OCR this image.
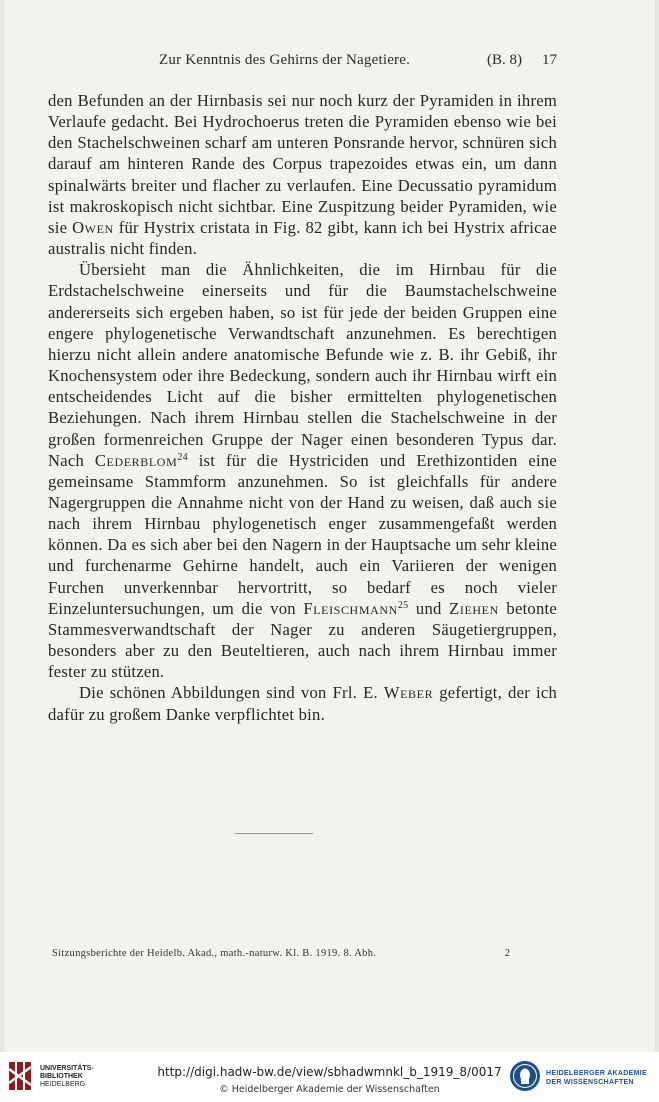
Zur Kenntnis des Gehirns der Nagetiere.	(B. 8) 17

den Befunden an der Hirnbasis sei nur noch kurz der Pyramiden in ihrem Verlaufe gedacht. Bei Hydrochoerus treten die Pyramiden ebenso wie bei den Stachelschweinen scharf am unteren Ponsrande hervor, schnüren sich darauf am hinteren Rande des Corpus trapezoides etwas ein, um dann spinalwärts breiter und flacher zu verlaufen. Eine Decussatio pyramidum ist makroskopisch nicht sichtbar. Eine Zuspitzung beider Pyramiden, wie sie Owen für Hystrix cristata in Fig. 82 gibt, kann ich bei Hystrix africae australis nicht finden.

Übersieht man die Ähnlichkeiten, die im Hirnbau für die Erdstachelschweine einerseits und für die Baumstachelschweine andererseits sich ergeben haben, so ist für jede der beiden Gruppen eine engere phylogenetische Verwandtschaft anzunehmen. Es berechtigen hierzu nicht allein andere anatomische Befunde wie z. B. ihr Gebiß, ihr Knochensystem oder ihre Bedeckung, sondern auch ihr Hirnbau wirft ein entscheidendes Licht auf die bisher ermittelten phylogenetischen Beziehungen. Nach ihrem Hirnbau stellen die Stachelschweine in der großen formenreichen Gruppe der Nager einen besonderen Typus dar. Nach Cederblom$^{24}$ ist für die Hystriciden und Erethizontiden eine gemeinsame Stammform anzunehmen. So ist gleichfalls für andere Nagergruppen die Annahme nicht von der Hand zu weisen, daß auch sie nach ihrem Hirnbau phylogenetisch enger zusammengefaßt werden können. Da es sich aber bei den Nagern in der Hauptsache um sehr kleine und furchenarme Gehirne handelt, auch ein Variieren der wenigen Furchen unverkennbar hervortritt, so bedarf es noch vieler Einzeluntersuchungen, um die von Fleischmann$^{25}$ und Ziehen betonte Stammesverwandtschaft der Nager zu anderen Säugetiergruppen, besonders aber zu den Beuteltieren, auch nach ihrem Hirnbau immer fester zu stützen.

Die schönen Abbildungen sind von Frl. E. Weber gefertigt, der ich dafür zu großem Danke verpflichtet bin.

Sitzungsberichte der Heidelb. Akad., math.-naturw. Kl. B. 1919. 8. Abh.	2
UNIVERSITÄTS-
BIBLIOTHEK
HEIDELBERG
http://digi.hadw-bw.de/view/sbhadwmnkl_b_1919_8/0017
© Heidelberger Akademie der Wissenschaften
HEIDELBERGER AKADEMIE
DER WISSENSCHAFTEN
